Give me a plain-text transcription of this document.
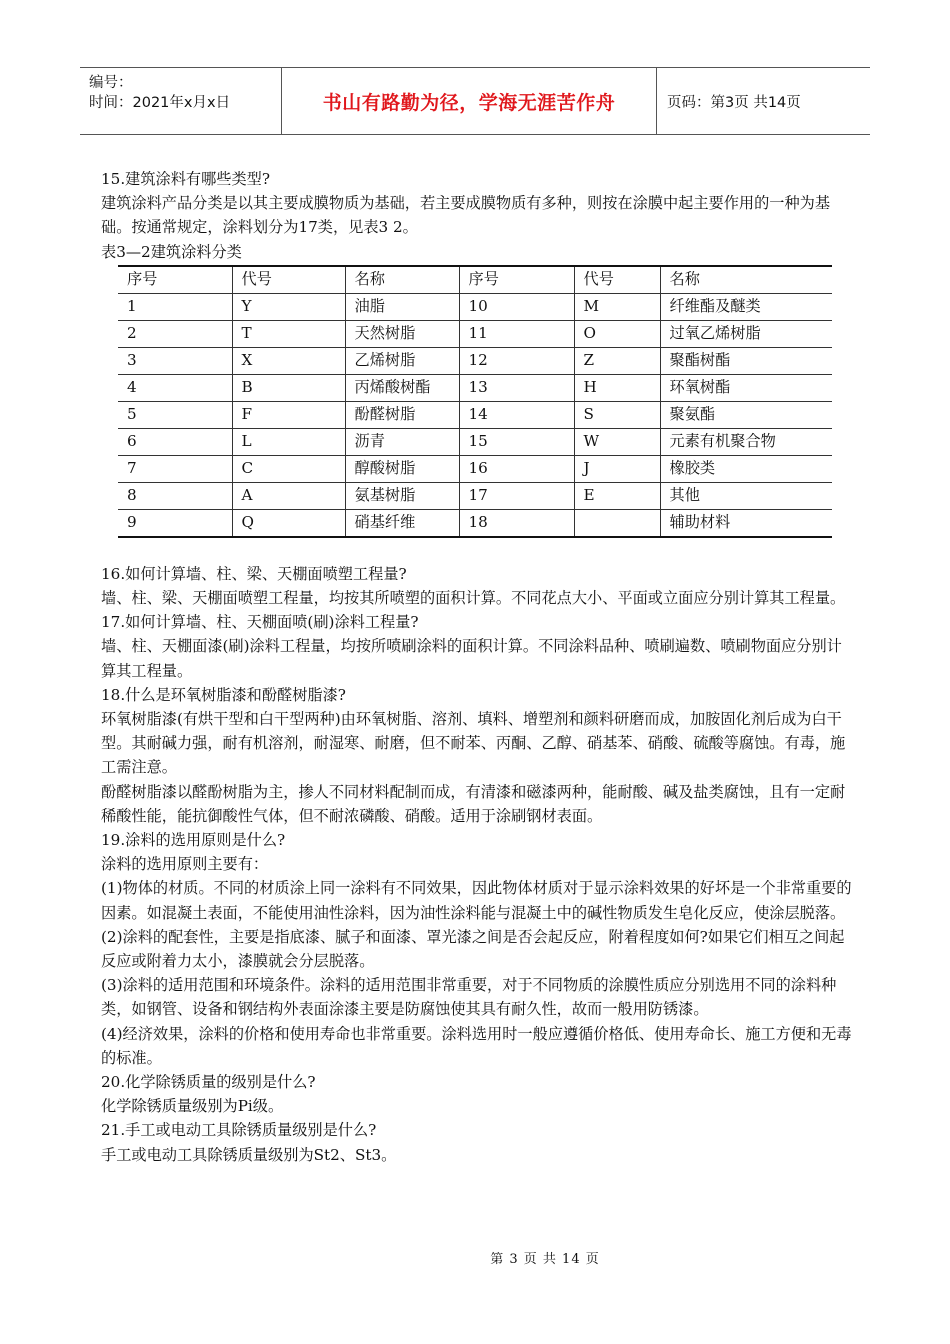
编号：
时间：2021年x月x日	书山有路勤为径，学海无涯苦作舟	页码：第3页 共14页

15.建筑涂料有哪些类型?

建筑涂料产品分类是以其主要成膜物质为基础，若主要成膜物质有多种，则按在涂膜中起主要作用的一种为基础。按通常规定，涂料划分为17类，见表3 2。

表3—2建筑涂料分类

序号	代号	名称	序号	代号	名称
1	Y	油脂	10	M	纤维酯及醚类
2	T	天然树脂	11	O	过氧乙烯树脂
3	X	乙烯树脂	12	Z	聚酯树酯
4	B	丙烯酸树酯	13	H	环氧树酯
5	F	酚醛树脂	14	S	聚氨酯
6	L	沥青	15	W	元素有机聚合物
7	C	醇酸树脂	16	J	橡胶类
8	A	氨基树脂	17	E	其他
9	Q	硝基纤维	18		辅助材料

16.如何计算墙、柱、梁、天棚面喷塑工程量?

墙、柱、梁、天棚面喷塑工程量，均按其所喷塑的面积计算。不同花点大小、平面或立面应分别计算其工程量。

17.如何计算墙、柱、天棚面喷(刷)涂料工程量?

墙、柱、天棚面漆(刷)涂料工程量，均按所喷刷涂料的面积计算。不同涂料品种、喷刷遍数、喷刷物面应分别计算其工程量。

18.什么是环氧树脂漆和酚醛树脂漆?

环氧树脂漆(有烘干型和白干型两种)由环氧树脂、溶剂、填料、增塑剂和颜料研磨而成，加胺固化剂后成为白干型。其耐碱力强，耐有机溶剂，耐湿寒、耐磨，但不耐苯、丙酮、乙醇、硝基苯、硝酸、硫酸等腐蚀。有毒，施工需注意。

酚醛树脂漆以醛酚树脂为主，掺人不同材料配制而成，有清漆和磁漆两种，能耐酸、碱及盐类腐蚀，且有一定耐稀酸性能，能抗御酸性气体，但不耐浓磷酸、硝酸。适用于涂刷钢材表面。

19.涂料的选用原则是什么?

涂料的选用原则主要有：

(1)物体的材质。不同的材质涂上同一涂料有不同效果，因此物体材质对于显示涂料效果的好坏是一个非常重要的因素。如混凝土表面，不能使用油性涂料，因为油性涂料能与混凝土中的碱性物质发生皂化反应，使涂层脱落。

(2)涂料的配套性，主要是指底漆、腻子和面漆、罩光漆之间是否会起反应，附着程度如何?如果它们相互之间起反应或附着力太小，漆膜就会分层脱落。

(3)涂料的适用范围和环境条件。涂料的适用范围非常重要，对于不同物质的涂膜性质应分别选用不同的涂料种类，如钢管、设备和钢结构外表面涂漆主要是防腐蚀使其具有耐久性，故而一般用防锈漆。

(4)经济效果，涂料的价格和使用寿命也非常重要。涂料选用时一般应遵循价格低、使用寿命长、施工方便和无毒的标准。

20.化学除锈质量的级别是什么?

化学除锈质量级别为Pi级。

21.手工或电动工具除锈质量级别是什么?

手工或电动工具除锈质量级别为St2、St3。

第 3 页 共 14 页
